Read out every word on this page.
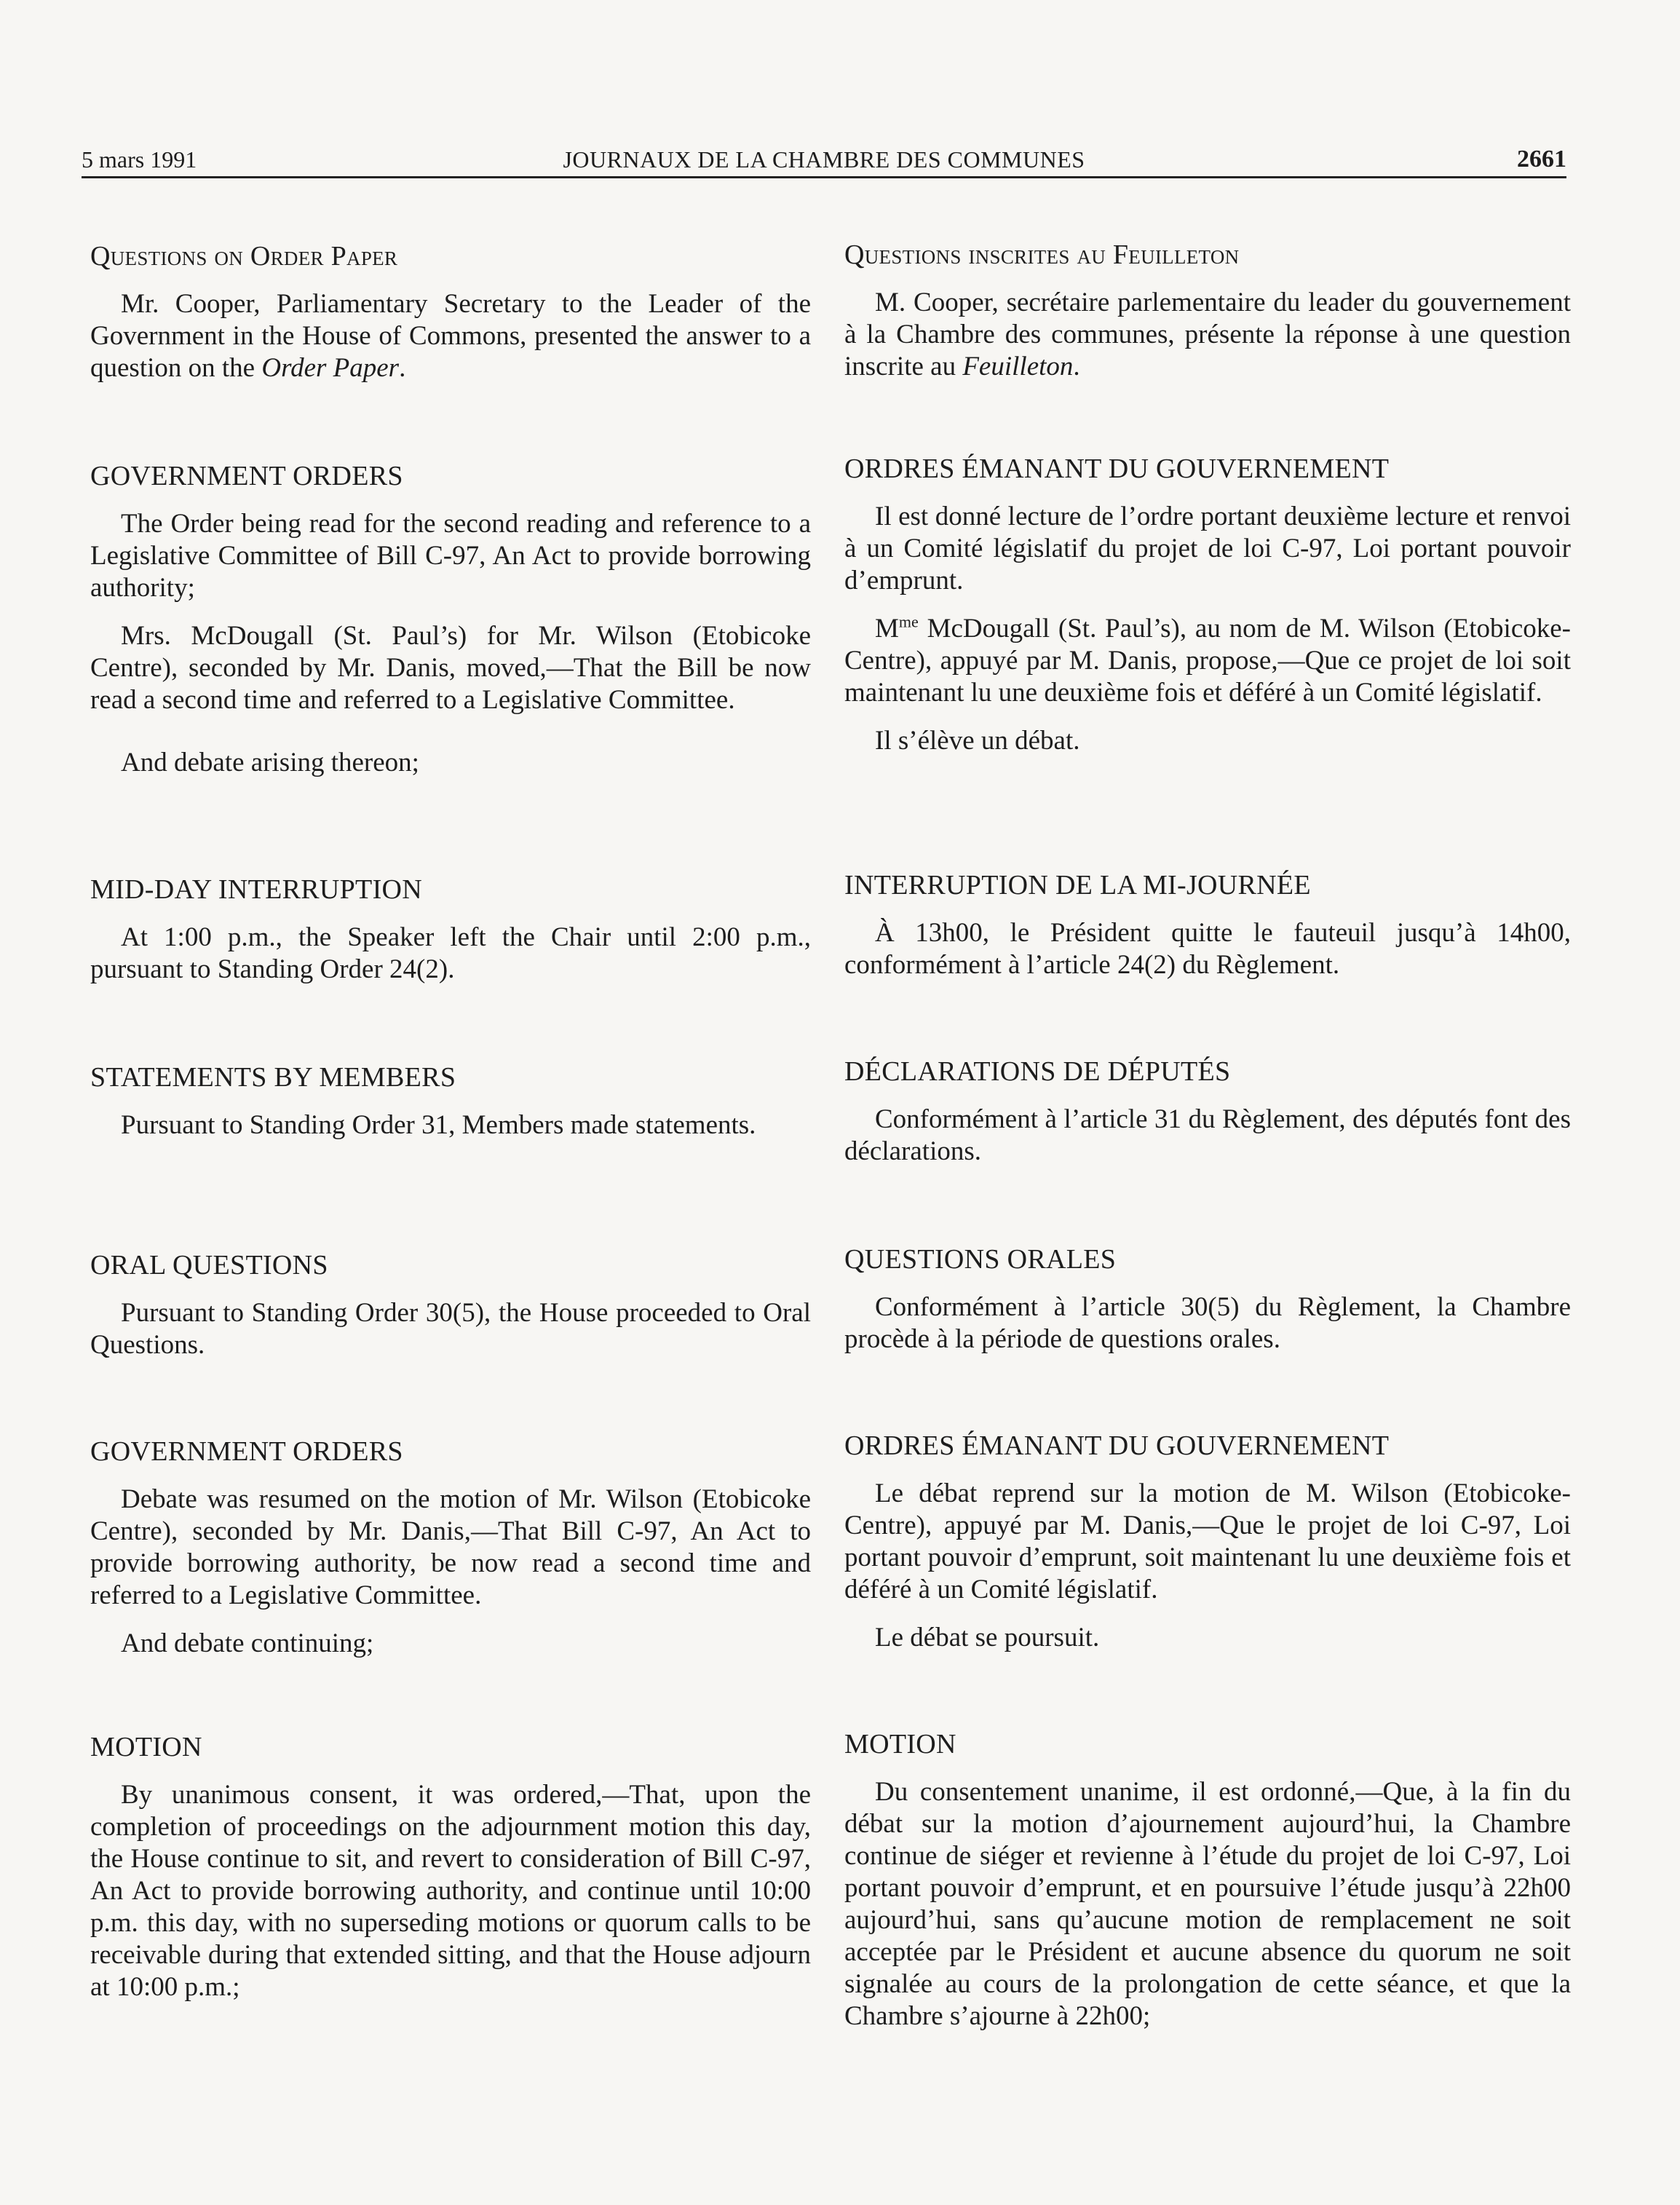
5 mars 1991	JOURNAUX DE LA CHAMBRE DES COMMUNES	2661
Questions on Order Paper

Mr. Cooper, Parliamentary Secretary to the Leader of the Government in the House of Commons, presented the answer to a question on the Order Paper.

GOVERNMENT ORDERS

The Order being read for the second reading and reference to a Legislative Committee of Bill C-97, An Act to provide borrowing authority;

Mrs. McDougall (St. Paul’s) for Mr. Wilson (Etobicoke Centre), seconded by Mr. Danis, moved,—That the Bill be now read a second time and referred to a Legislative Committee.

And debate arising thereon;

MID-DAY INTERRUPTION

At 1:00 p.m., the Speaker left the Chair until 2:00 p.m., pursuant to Standing Order 24(2).

STATEMENTS BY MEMBERS

Pursuant to Standing Order 31, Members made statements.

ORAL QUESTIONS

Pursuant to Standing Order 30(5), the House proceeded to Oral Questions.

GOVERNMENT ORDERS

Debate was resumed on the motion of Mr. Wilson (Etobicoke Centre), seconded by Mr. Danis,—That Bill C-97, An Act to provide borrowing authority, be now read a second time and referred to a Legislative Committee.

And debate continuing;

MOTION

By unanimous consent, it was ordered,—That, upon the completion of proceedings on the adjournment motion this day, the House continue to sit, and revert to consideration of Bill C-97, An Act to provide borrowing authority, and continue until 10:00 p.m. this day, with no superseding motions or quorum calls to be receivable during that extended sitting, and that the House adjourn at 10:00 p.m.;

Questions inscrites au Feuilleton

M. Cooper, secrétaire parlementaire du leader du gouvernement à la Chambre des communes, présente la réponse à une question inscrite au Feuilleton.

ORDRES ÉMANANT DU GOUVERNEMENT

Il est donné lecture de l’ordre portant deuxième lecture et renvoi à un Comité législatif du projet de loi C-97, Loi portant pouvoir d’emprunt.

$M^{me}$ McDougall (St. Paul’s), au nom de M. Wilson (Etobicoke-Centre), appuyé par M. Danis, propose,—Que ce projet de loi soit maintenant lu une deuxième fois et déféré à un Comité législatif.

Il s’élève un débat.

INTERRUPTION DE LA MI-JOURNÉE

À 13h00, le Président quitte le fauteuil jusqu’à 14h00, conformément à l’article 24(2) du Règlement.

DÉCLARATIONS DE DÉPUTÉS

Conformément à l’article 31 du Règlement, des députés font des déclarations.

QUESTIONS ORALES

Conformément à l’article 30(5) du Règlement, la Chambre procède à la période de questions orales.

ORDRES ÉMANANT DU GOUVERNEMENT

Le débat reprend sur la motion de M. Wilson (Etobicoke-Centre), appuyé par M. Danis,—Que le projet de loi C-97, Loi portant pouvoir d’emprunt, soit maintenant lu une deuxième fois et déféré à un Comité législatif.

Le débat se poursuit.

MOTION

Du consentement unanime, il est ordonné,—Que, à la fin du débat sur la motion d’ajournement aujourd’hui, la Chambre continue de siéger et revienne à l’étude du projet de loi C-97, Loi portant pouvoir d’emprunt, et en poursuive l’étude jusqu’à 22h00 aujourd’hui, sans qu’aucune motion de remplacement ne soit acceptée par le Président et aucune absence du quorum ne soit signalée au cours de la prolongation de cette séance, et que la Chambre s’ajourne à 22h00;
